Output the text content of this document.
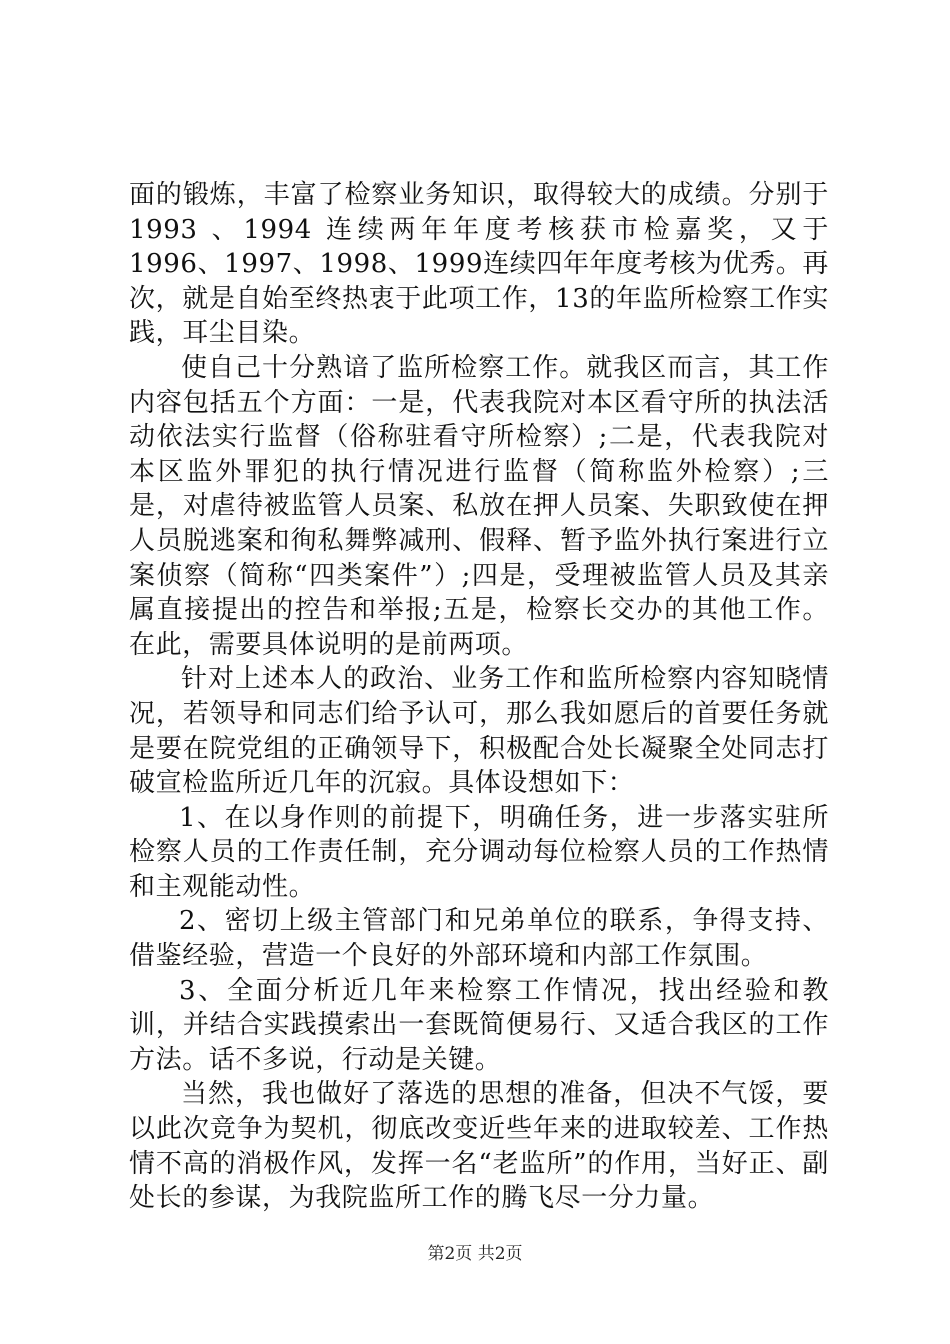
面的锻炼，丰富了检察业务知识，取得较大的成绩。分别于1993 、1994 连续两年年度考核获市检嘉奖，又于1996、1997、1998、1999连续四年年度考核为优秀。再次，就是自始至终热衷于此项工作，13的年监所检察工作实践，耳尘目染。

使自己十分熟谙了监所检察工作。就我区而言，其工作内容包括五个方面：一是，代表我院对本区看守所的执法活动依法实行监督（俗称驻看守所检察）;二是，代表我院对本区监外罪犯的执行情况进行监督（简称监外检察）;三是，对虐待被监管人员案、私放在押人员案、失职致使在押人员脱逃案和徇私舞弊减刑、假释、暂予监外执行案进行立案侦察（简称“四类案件”）;四是，受理被监管人员及其亲属直接提出的控告和举报;五是，检察长交办的其他工作。在此，需要具体说明的是前两项。

针对上述本人的政治、业务工作和监所检察内容知晓情况，若领导和同志们给予认可，那么我如愿后的首要任务就是要在院党组的正确领导下，积极配合处长凝聚全处同志打破宣检监所近几年的沉寂。具体设想如下：

1、在以身作则的前提下，明确任务，进一步落实驻所检察人员的工作责任制，充分调动每位检察人员的工作热情和主观能动性。

2、密切上级主管部门和兄弟单位的联系，争得支持、借鉴经验，营造一个良好的外部环境和内部工作氛围。

3、全面分析近几年来检察工作情况，找出经验和教训，并结合实践摸索出一套既简便易行、又适合我区的工作方法。话不多说，行动是关键。

当然，我也做好了落选的思想的准备，但决不气馁，要以此次竞争为契机，彻底改变近些年来的进取较差、工作热情不高的消极作风，发挥一名“老监所”的作用，当好正、副处长的参谋，为我院监所工作的腾飞尽一分力量。

第2页 共2页
